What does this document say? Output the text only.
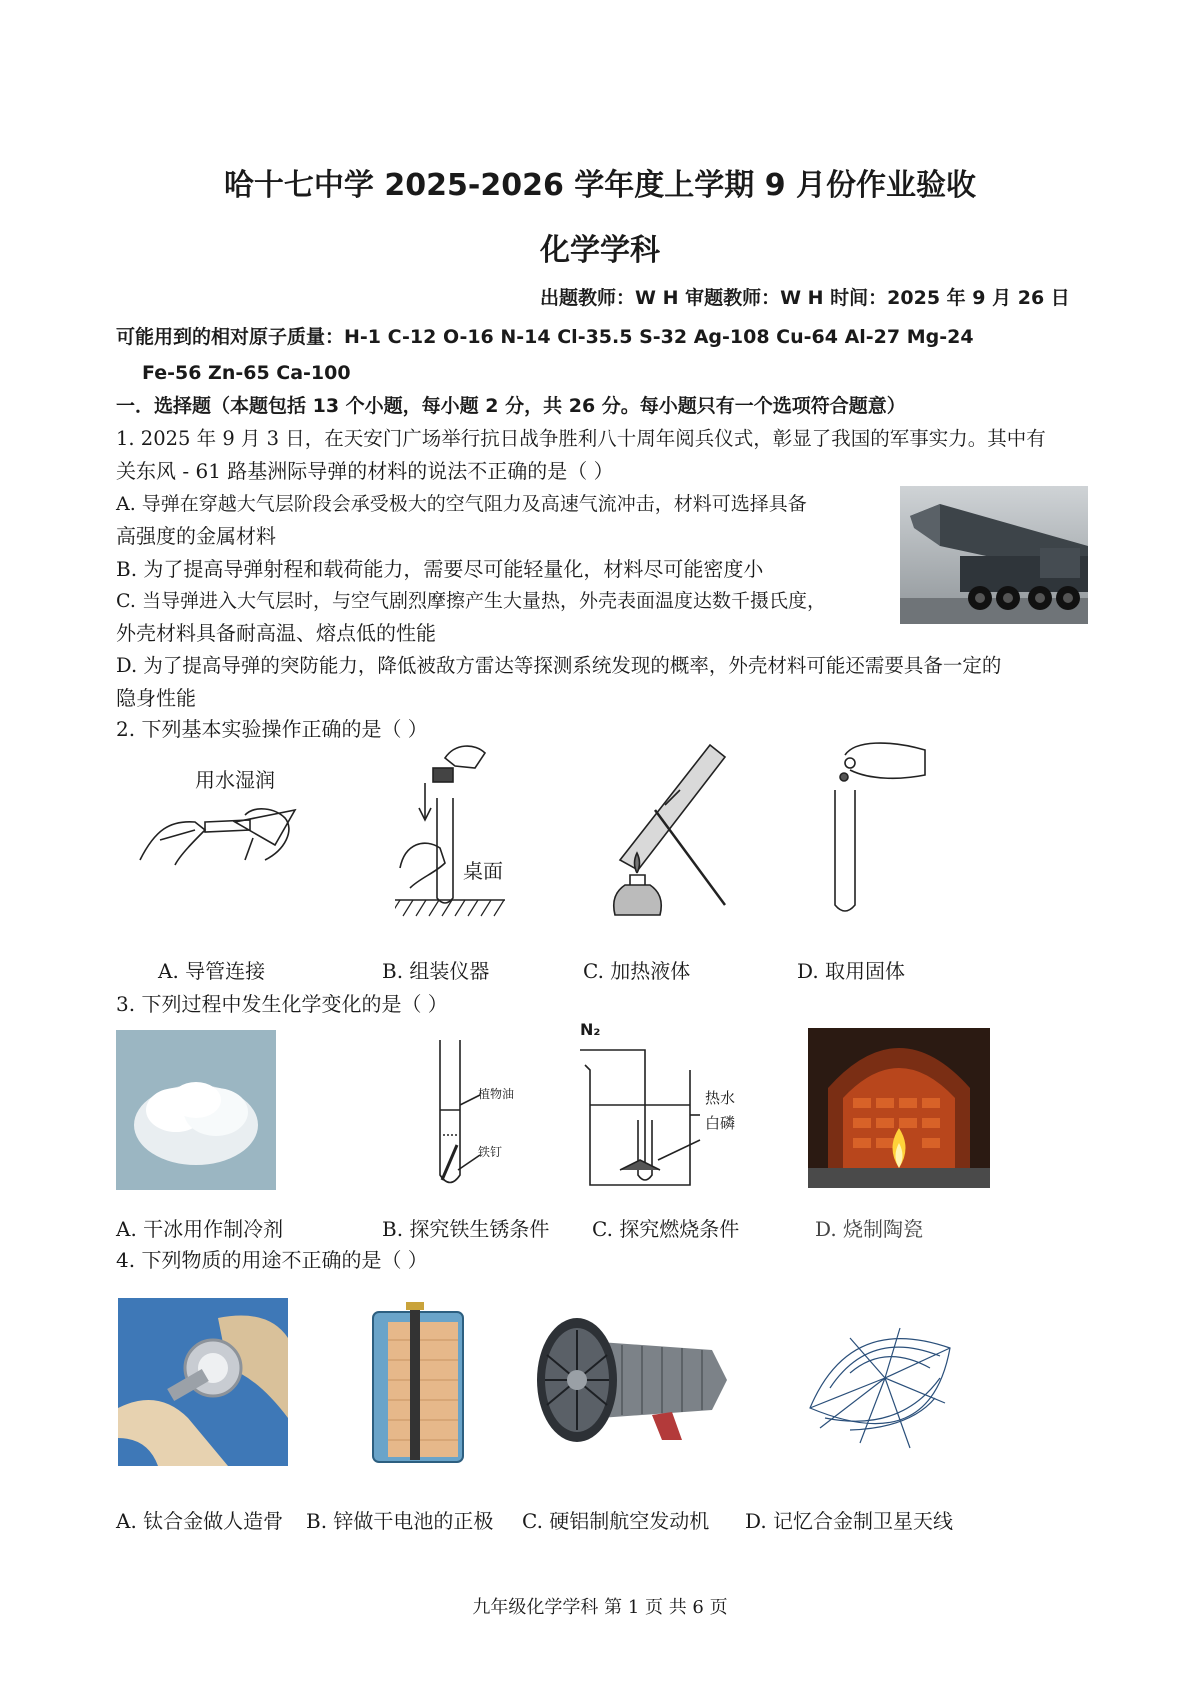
哈十七中学 2025-2026 学年度上学期 9 月份作业验收
化学学科
出题教师：W H 审题教师：W H 时间：2025 年 9 月 26 日
可能用到的相对原子质量：H-1 C-12 O-16 N-14 Cl-35.5 S-32 Ag-108 Cu-64 Al-27 Mg-24
Fe-56 Zn-65 Ca-100
一．选择题（本题包括 13 个小题，每小题 2 分，共 26 分。每小题只有一个选项符合题意）
1. 2025 年 9 月 3 日，在天安门广场举行抗日战争胜利八十周年阅兵仪式，彰显了我国的军事实力。其中有
关东风 - 61 路基洲际导弹的材料的说法不正确的是（ ）
A. 导弹在穿越大气层阶段会承受极大的空气阻力及高速气流冲击，材料可选择具备
高强度的金属材料
B. 为了提高导弹射程和载荷能力，需要尽可能轻量化，材料尽可能密度小
C. 当导弹进入大气层时，与空气剧烈摩擦产生大量热，外壳表面温度达数千摄氏度，
外壳材料具备耐高温、熔点低的性能
D. 为了提高导弹的突防能力，降低被敌方雷达等探测系统发现的概率，外壳材料可能还需要具备一定的
隐身性能
2. 下列基本实验操作正确的是（ ）
用水湿润
桌面
A. 导管连接	B. 组装仪器	C. 加热液体	D. 取用固体
3. 下列过程中发生化学变化的是（ ）
植物油
铁钉
N₂
热水
白磷
A. 干冰用作制冷剂	B. 探究铁生锈条件 C. 探究燃烧条件	D. 烧制陶瓷
4. 下列物质的用途不正确的是（ ）
A. 钛合金做人造骨 B. 锌做干电池的正极 C. 硬铝制航空发动机 D. 记忆合金制卫星天线
九年级化学学科 第 1 页 共 6 页
